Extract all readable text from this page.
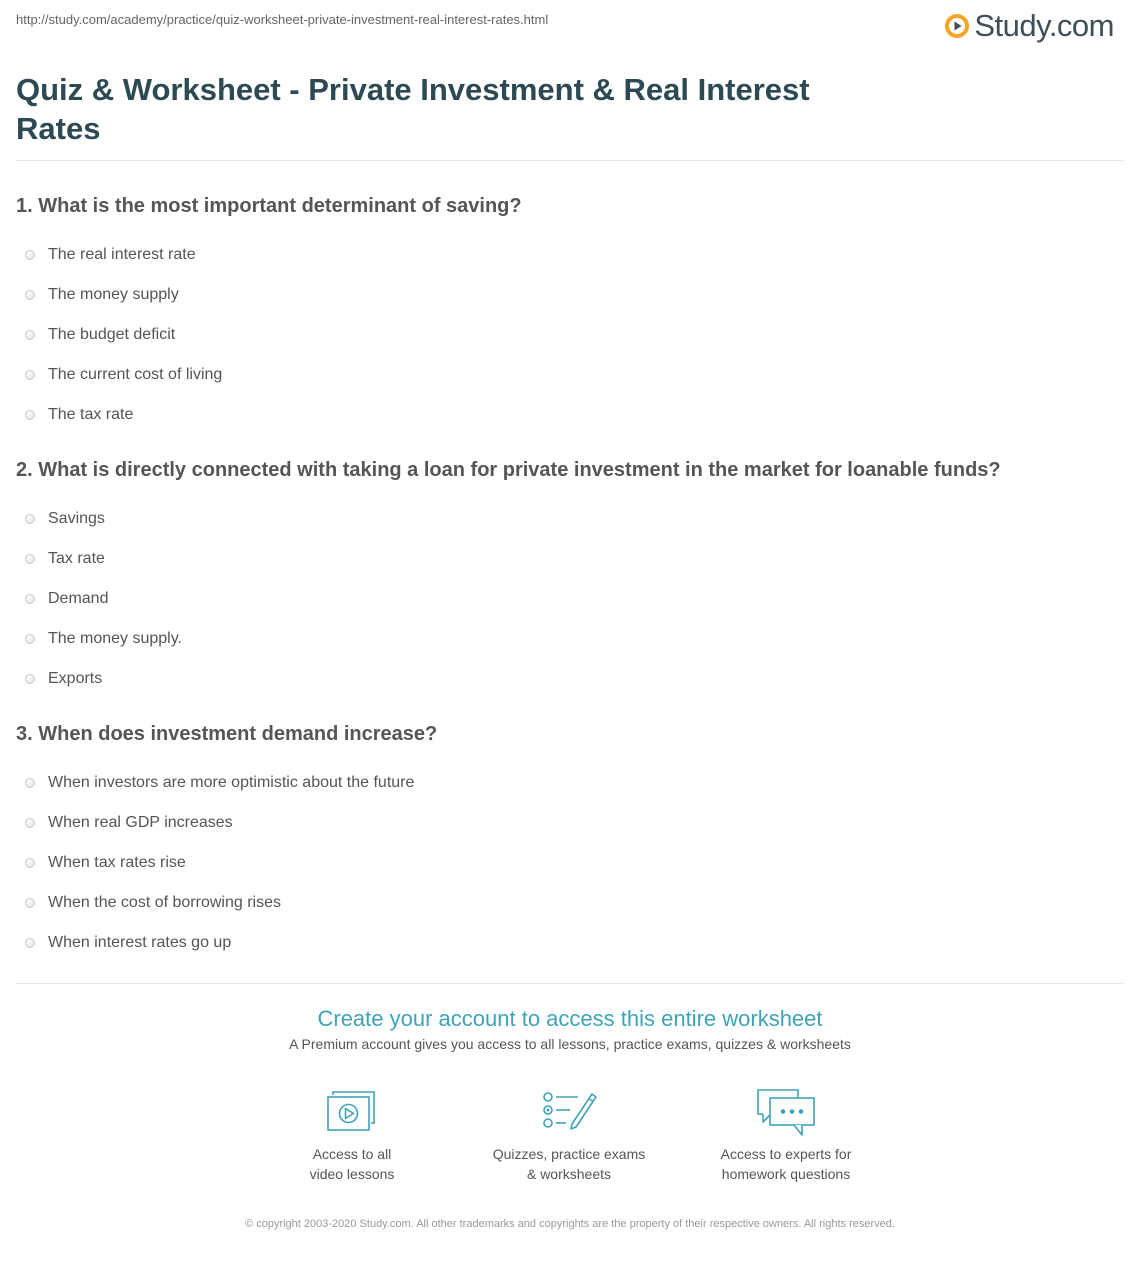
http://study.com/academy/practice/quiz-worksheet-private-investment-real-interest-rates.html	Study.com
Quiz & Worksheet - Private Investment & Real Interest Rates

1. What is the most important determinant of saving?

The real interest rate
The money supply
The budget deficit
The current cost of living
The tax rate

2. What is directly connected with taking a loan for private investment in the market for loanable funds?

Savings
Tax rate
Demand
The money supply.
Exports

3. When does investment demand increase?

When investors are more optimistic about the future
When real GDP increases
When tax rates rise
When the cost of borrowing rises
When interest rates go up
Create your account to access this entire worksheet
A Premium account gives you access to all lessons, practice exams, quizzes & worksheets
Access to all
video lessons
Quizzes, practice exams
& worksheets
Access to experts for
homework questions
© copyright 2003-2020 Study.com. All other trademarks and copyrights are the property of their respective owners. All rights reserved.
